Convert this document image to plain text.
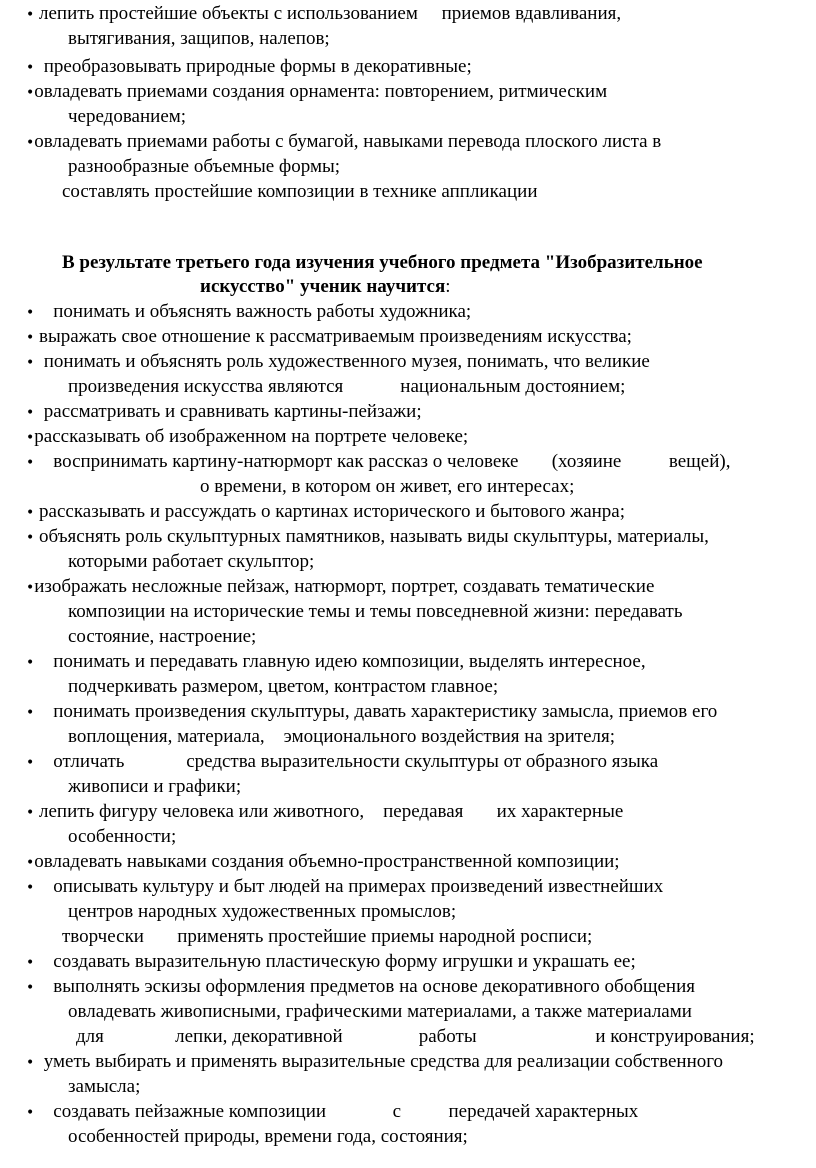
• лепить простейшие объекты с использованием     приемов вдавливания,
вытягивания, защипов, налепов;
•  преобразовывать природные формы в декоративные;
•овладевать приемами создания орнамента: повторением, ритмическим
чередованием;
•овладевать приемами работы с бумагой, навыками перевода плоского листа в
разнообразные объемные формы;
составлять простейшие композиции в технике аппликации
В результате третьего года изучения учебного предмета "Изобразительное
искусство" ученик научится:
•    понимать и объяснять важность работы художника;
• выражать свое отношение к рассматриваемым произведениям искусства;
•  понимать и объяснять роль художественного музея, понимать, что великие
произведения искусства являются            национальным достоянием;
•  рассматривать и сравнивать картины-пейзажи;
•рассказывать об изображенном на портрете человеке;
•    воспринимать картину-натюрморт как рассказ о человеке       (хозяине          вещей),
о времени, в котором он живет, его интересах;
• рассказывать и рассуждать о картинах исторического и бытового жанра;
• объяснять роль скульптурных памятников, называть виды скульптуры, материалы,
которыми работает скульптор;
•изображать несложные пейзаж, натюрморт, портрет, создавать тематические
композиции на исторические темы и темы повседневной жизни: передавать
состояние, настроение;
•    понимать и передавать главную идею композиции, выделять интересное,
подчеркивать размером, цветом, контрастом главное;
•    понимать произведения скульптуры, давать характеристику замысла, приемов его
воплощения, материала,    эмоционального воздействия на зрителя;
•    отличать             средства выразительности скульптуры от образного языка
живописи и графики;
• лепить фигуру человека или животного,    передавая       их характерные
особенности;
•овладевать навыками создания объемно-пространственной композиции;
•    описывать культуру и быт людей на примерах произведений известнейших
центров народных художественных промыслов;
творчески       применять простейшие приемы народной росписи;
•    создавать выразительную пластическую форму игрушки и украшать ее;
•    выполнять эскизы оформления предметов на основе декоративного обобщения
овладевать живописными, графическими материалами, а также материалами
для               лепки, декоративной                работы                         и конструирования;
•  уметь выбирать и применять выразительные средства для реализации собственного
замысла;
•    создавать пейзажные композиции              с          передачей характерных
особенностей природы, времени года, состояния;
